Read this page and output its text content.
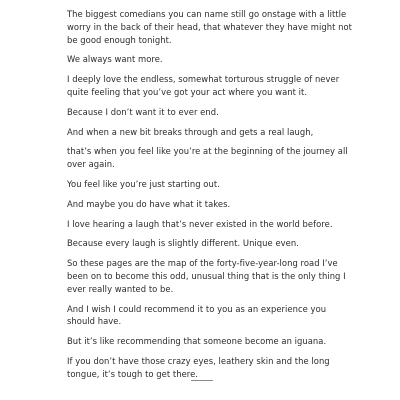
The biggest comedians you can name still go onstage with a little worry in the back of their head, that whatever they have might not be good enough tonight.

We always want more.

I deeply love the endless, somewhat torturous struggle of never quite feeling that you’ve got your act where you want it.

Because I don’t want it to ever end.

And when a new bit breaks through and gets a real laugh,

that’s when you feel like you’re at the beginning of the journey all over again.

You feel like you’re just starting out.

And maybe you do have what it takes.

I love hearing a laugh that’s never existed in the world before.

Because every laugh is slightly different. Unique even.

So these pages are the map of the forty-five-year-long road I’ve been on to become this odd, unusual thing that is the only thing I ever really wanted to be.

And I wish I could recommend it to you as an experience you should have.

But it’s like recommending that someone become an iguana.

If you don’t have those crazy eyes, leathery skin and the long tongue, it’s tough to get there.
